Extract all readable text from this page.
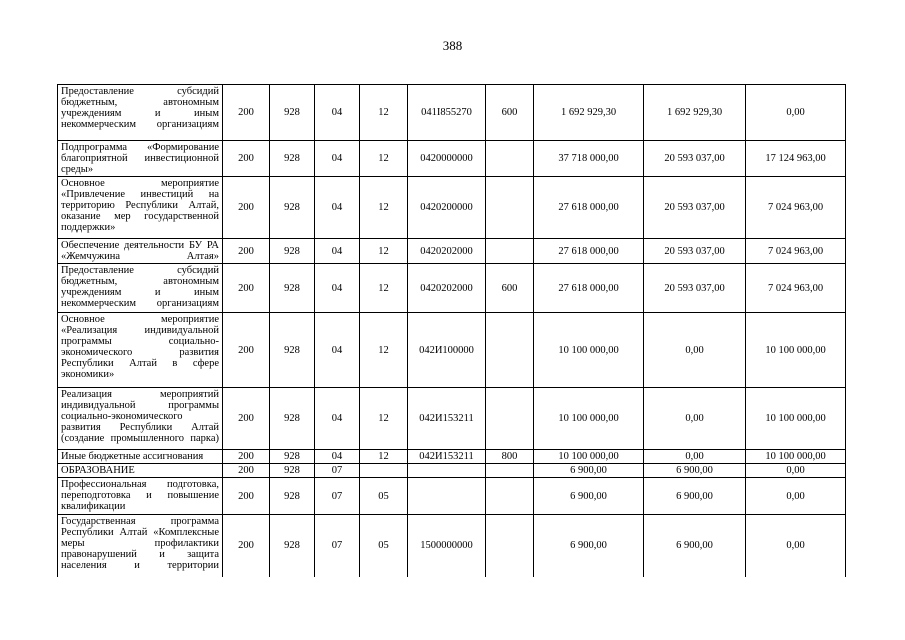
388
Предоставление субсидий бюджетным, автономным учреждениям и иным некоммерческим организациям	200	928	04	12	041I855270	600	1 692 929,30	1 692 929,30	0,00
Подпрограмма «Формирование благоприятной инвестиционной среды»	200	928	04	12	0420000000		37 718 000,00	20 593 037,00	17 124 963,00
Основное мероприятие «Привлечение инвестиций на территорию Республики Алтай, оказание мер государственной поддержки»	200	928	04	12	0420200000		27 618 000,00	20 593 037,00	7 024 963,00
Обеспечение деятельности БУ РА «Жемчужина Алтая»	200	928	04	12	0420202000		27 618 000,00	20 593 037,00	7 024 963,00
Предоставление субсидий бюджетным, автономным учреждениям и иным некоммерческим организациям	200	928	04	12	0420202000	600	27 618 000,00	20 593 037,00	7 024 963,00
Основное мероприятие «Реализация индивидуальной программы социально-экономического развития Республики Алтай в сфере экономики»	200	928	04	12	042И100000		10 100 000,00	0,00	10 100 000,00
Реализация мероприятий индивидуальной программы социально-экономического развития Республики Алтай (создание промышленного парка)	200	928	04	12	042И153211		10 100 000,00	0,00	10 100 000,00
Иные бюджетные ассигнования	200	928	04	12	042И153211	800	10 100 000,00	0,00	10 100 000,00
ОБРАЗОВАНИЕ	200	928	07				6 900,00	6 900,00	0,00
Профессиональная подготовка, переподготовка и повышение квалификации	200	928	07	05			6 900,00	6 900,00	0,00
Государственная программа Республики Алтай «Комплексные меры профилактики правонарушений и защита населения и территории	200	928	07	05	1500000000		6 900,00	6 900,00	0,00
